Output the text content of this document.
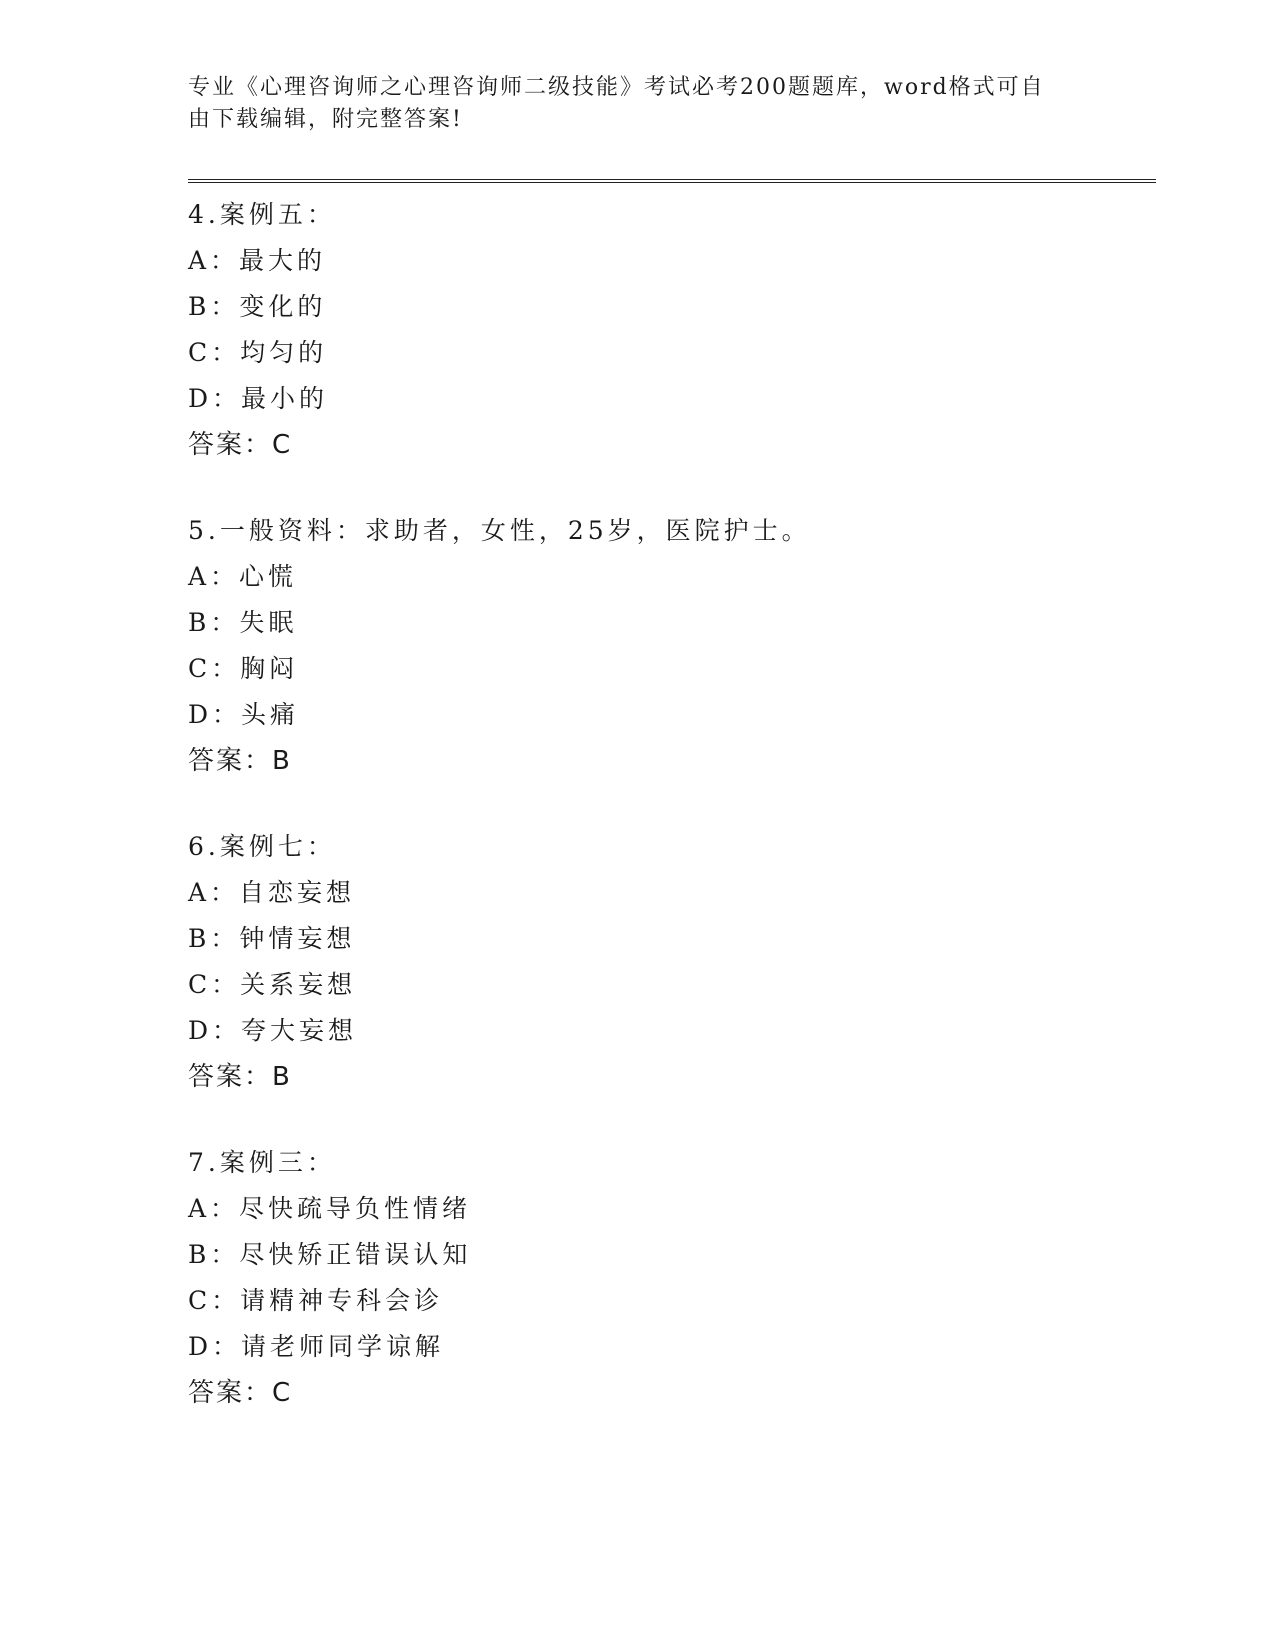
专业《心理咨询师之心理咨询师二级技能》考试必考200题题库，word格式可自
由下载编辑，附完整答案!
4.案例五：
A：最大的
B：变化的
C：均匀的
D：最小的
答案：C
5.一般资料：求助者，女性，25岁，医院护士。
A：心慌
B：失眠
C：胸闷
D：头痛
答案：B
6.案例七：
A：自恋妄想
B：钟情妄想
C：关系妄想
D：夸大妄想
答案：B
7.案例三：
A：尽快疏导负性情绪
B：尽快矫正错误认知
C：请精神专科会诊
D：请老师同学谅解
答案：C
